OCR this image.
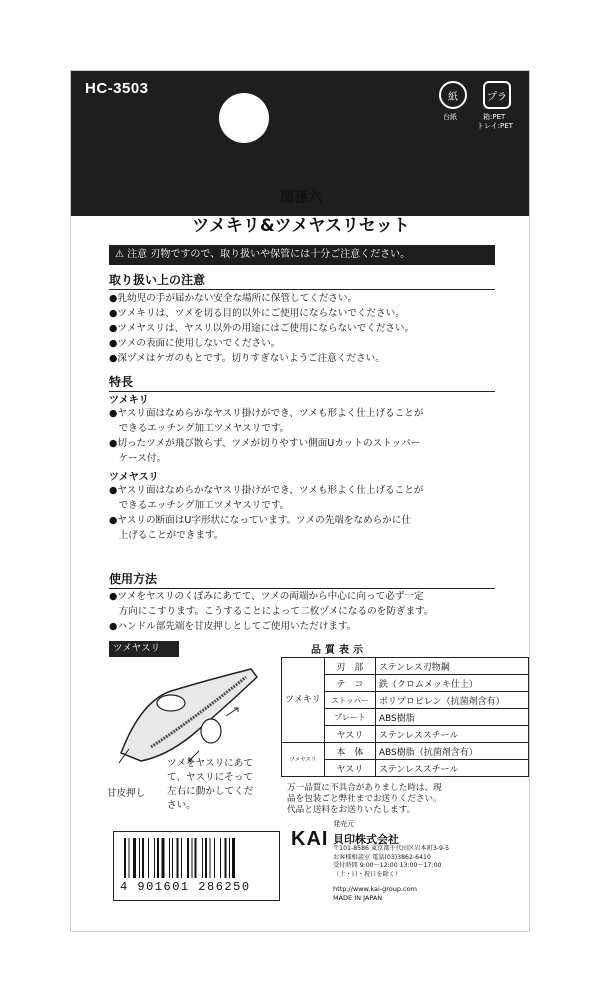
HC-3503	紙
台紙
プラ
箱:PET
トレイ:PET
関孫六
ツメキリ&ツメヤスリセット
⚠ 注意 刃物ですので、取り扱いや保管には十分ご注意ください。
取り扱い上の注意
●乳幼児の手が届かない安全な場所に保管してください。
●ツメキリは、ツメを切る目的以外にご使用にならないでください。
●ツメヤスリは、ヤスリ以外の用途にはご使用にならないでください。
●ツメの表面に使用しないでください。
●深ヅメはケガのもとです。切りすぎないようご注意ください。
特長
ツメキリ
●ヤスリ面はなめらかなヤスリ掛けができ、ツメも形よく仕上げることが
　できるエッチング加工ツメヤスリです。
●切ったツメが飛び散らず、ツメが切りやすい側面Uカットのストッパー
　ケース付。
ツメヤスリ
●ヤスリ面はなめらかなヤスリ掛けができ、ツメも形よく仕上げることが
　できるエッチング加工ツメヤスリです。
●ヤスリの断面はU字形状になっています。ツメの先端をなめらかに仕
　上げることができます。
使用方法
●ツメをヤスリのくぼみにあてて、ツメの両端から中心に向って必ず一定
　方向にこすります。こうすることによって二枚ヅメになるのを防ぎます。
●ハンドル部先端を甘皮押しとしてご使用いただけます。
ツメヤスリ
甘皮押し
ツメをヤスリにあて
て、ヤスリにそって
左右に動かしてくだ
さい。
品質表示
ツメキリ	刃　部	ステンレス刃物鋼
	テ　コ	鉄（クロムメッキ仕上）
	ストッパー	ポリプロピレン（抗菌剤含有）
	プレート	ABS樹脂
	ヤスリ	ステンレススチール
ツメヤスリ	本　体	ABS樹脂（抗菌剤含有）
	ヤスリ	ステンレススチール
万一品質に不具合がありました時は、現
品を包装ごと弊社までお送りください。
代品と送料をお送りいたします。
4 901601 286250
発売元
KAI 貝印株式会社
〒101-8586 東京都千代田区岩本町3-9-5
お客様相談室 電話(03)3862-6410
受付時間 9:00～12:00 13:00～17:00
（土・日・祝日を除く）
http://www.kai-group.com
MADE IN JAPAN
